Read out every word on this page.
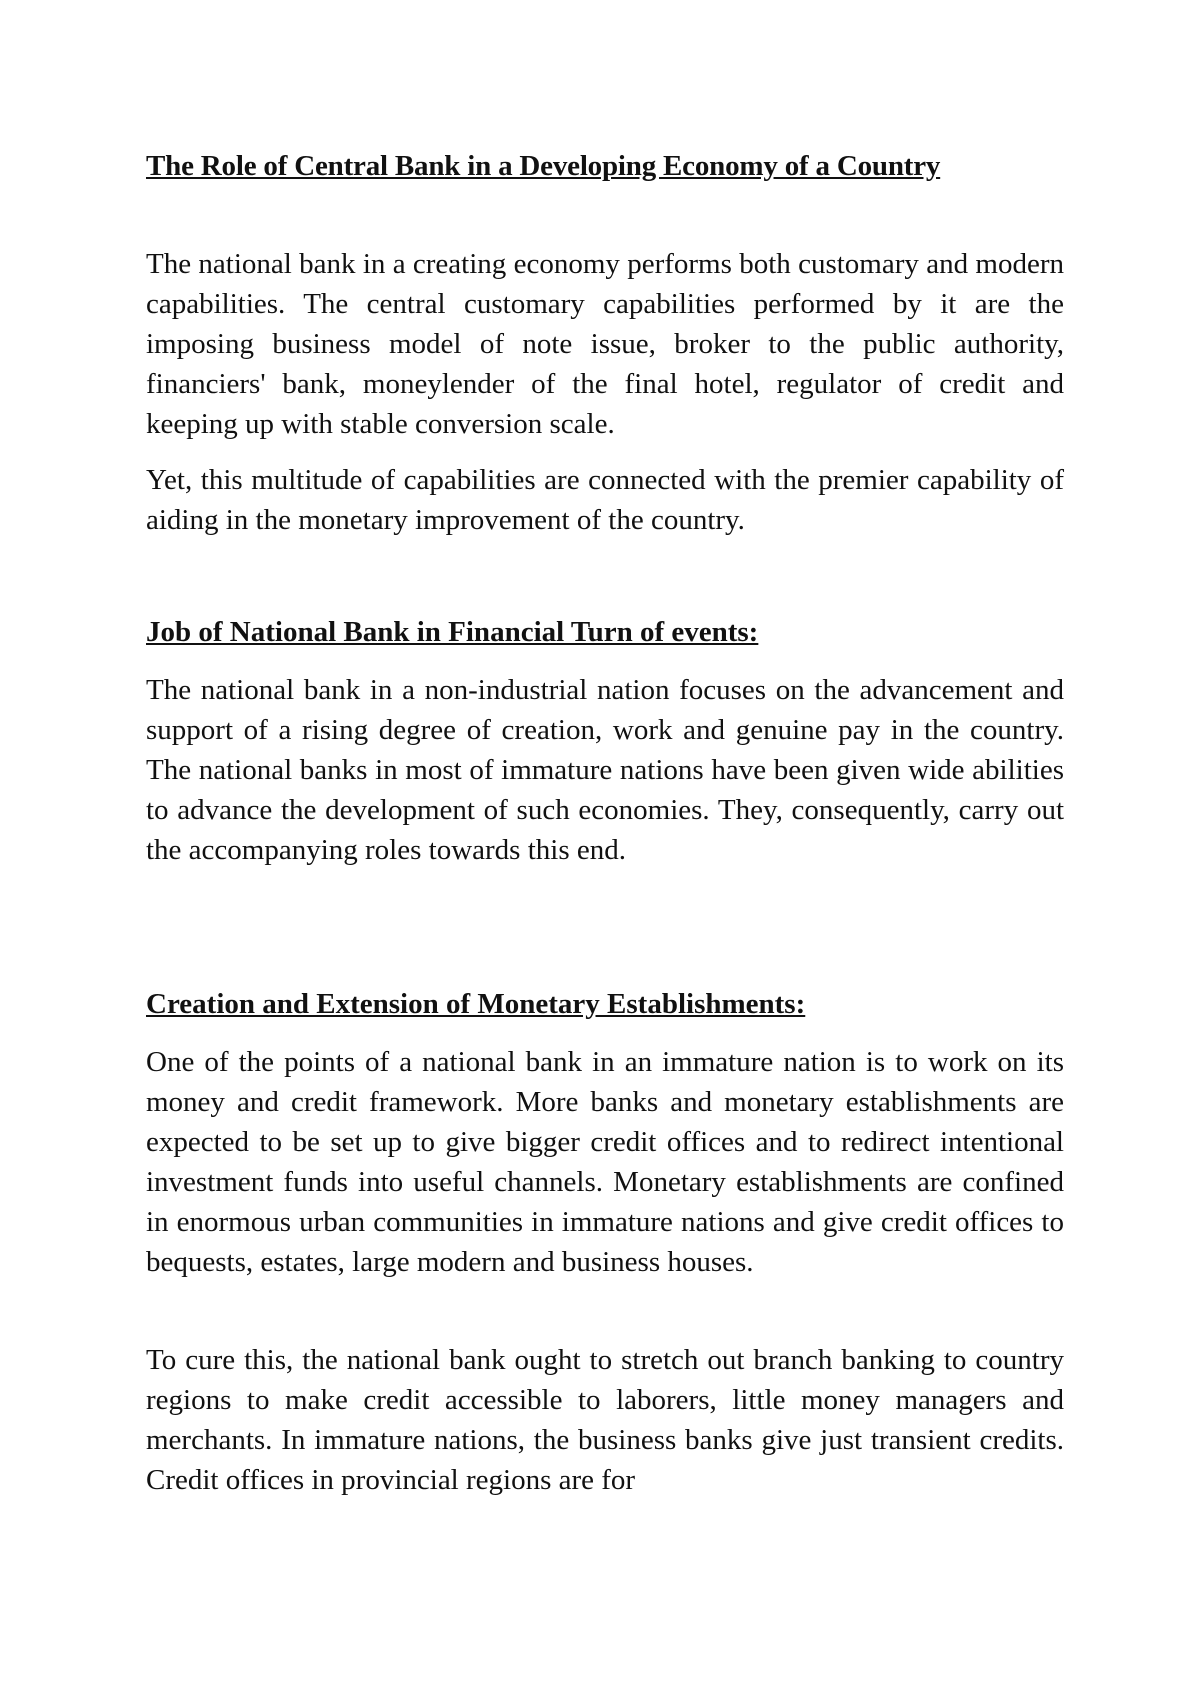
The Role of Central Bank in a Developing Economy of a Country

The national bank in a creating economy performs both customary and modern capabilities. The central customary capabilities performed by it are the imposing business model of note issue, broker to the public authority, financiers' bank, moneylender of the final hotel, regulator of credit and keeping up with stable conversion scale.

Yet, this multitude of capabilities are connected with the premier capability of aiding in the monetary improvement of the country.

Job of National Bank in Financial Turn of events:

The national bank in a non-industrial nation focuses on the advancement and support of a rising degree of creation, work and genuine pay in the country. The national banks in most of immature nations have been given wide abilities to advance the development of such economies. They, consequently, carry out the accompanying roles towards this end.

Creation and Extension of Monetary Establishments:

One of the points of a national bank in an immature nation is to work on its money and credit framework. More banks and monetary establishments are expected to be set up to give bigger credit offices and to redirect intentional investment funds into useful channels. Monetary establishments are confined in enormous urban communities in immature nations and give credit offices to bequests, estates, large modern and business houses.

To cure this, the national bank ought to stretch out branch banking to country regions to make credit accessible to laborers, little money managers and merchants. In immature nations, the business banks give just transient credits. Credit offices in provincial regions are for
